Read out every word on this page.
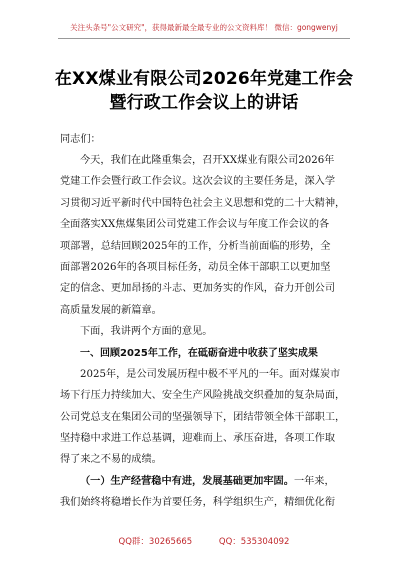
关注头条号"公文研究"，获得最新最全最专业的公文资料库！ 微信：gongwenyj
在XX煤业有限公司2026年党建工作会
暨行政工作会议上的讲话
同志们：
今天，我们在此隆重集会，召开XX煤业有限公司2026年
党建工作会暨行政工作会议。这次会议的主要任务是，深入学
习贯彻习近平新时代中国特色社会主义思想和党的二十大精神，
全面落实XX焦煤集团公司党建工作会议与年度工作会议的各
项部署，总结回顾2025年的工作，分析当前面临的形势，全
面部署2026年的各项目标任务，动员全体干部职工以更加坚
定的信念、更加昂扬的斗志、更加务实的作风，奋力开创公司
高质量发展的新篇章。
下面，我讲两个方面的意见。
一、回顾2025年工作，在砥砺奋进中收获了坚实成果
2025年，是公司发展历程中极不平凡的一年。面对煤炭市
场下行压力持续加大、安全生产风险挑战交织叠加的复杂局面，
公司党总支在集团公司的坚强领导下，团结带领全体干部职工，
坚持稳中求进工作总基调，迎难而上、承压奋进，各项工作取
得了来之不易的成绩。
（一）生产经营稳中有进，发展基础更加牢固。一年来，
我们始终将稳增长作为首要任务，科学组织生产，精细优化衔
QQ群：30265665	QQ：535304092
